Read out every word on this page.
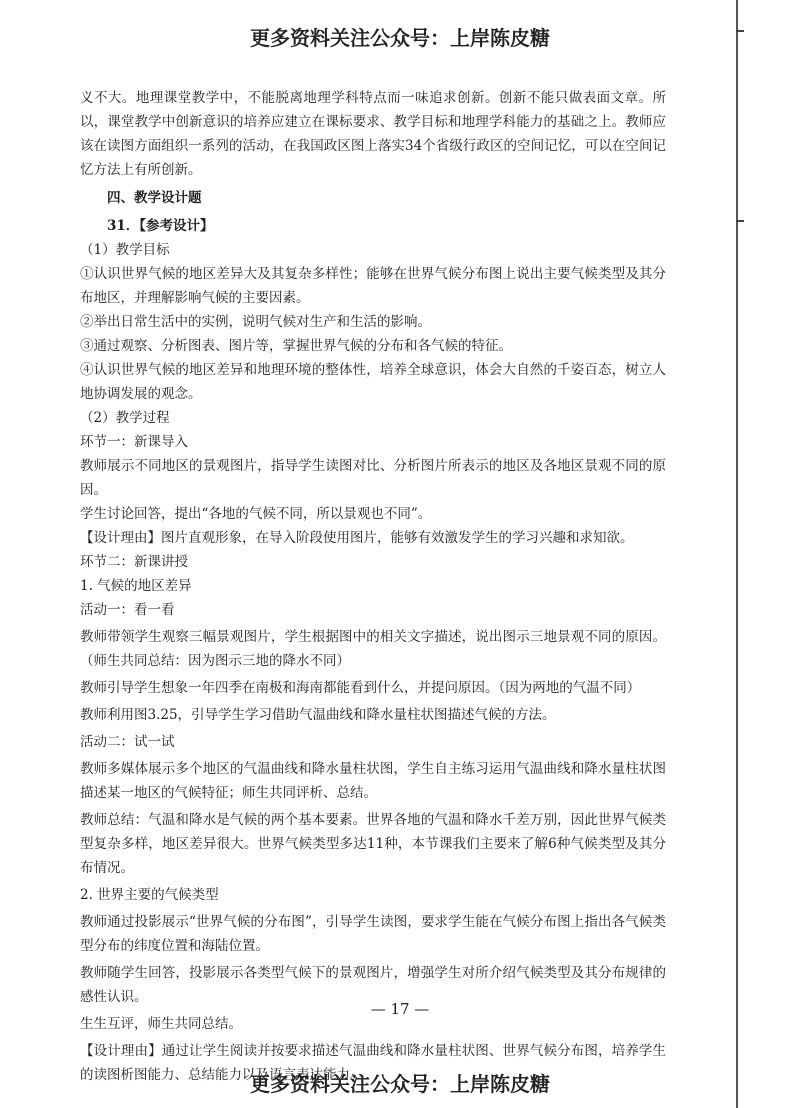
更多资料关注公众号：上岸陈皮糖

义不大。地理课堂教学中，不能脱离地理学科特点而一味追求创新。创新不能只做表面文章。所以，课堂教学中创新意识的培养应建立在课标要求、教学目标和地理学科能力的基础之上。教师应该在读图方面组织一系列的活动，在我国政区图上落实34个省级行政区的空间记忆，可以在空间记忆方法上有所创新。

四、教学设计题

31．【参考设计】

（1）教学目标

①认识世界气候的地区差异大及其复杂多样性；能够在世界气候分布图上说出主要气候类型及其分布地区，并理解影响气候的主要因素。

②举出日常生活中的实例，说明气候对生产和生活的影响。

③通过观察、分析图表、图片等，掌握世界气候的分布和各气候的特征。

④认识世界气候的地区差异和地理环境的整体性，培养全球意识，体会大自然的千姿百态，树立人地协调发展的观念。

（2）教学过程

环节一：新课导入

教师展示不同地区的景观图片，指导学生读图对比、分析图片所表示的地区及各地区景观不同的原因。

学生讨论回答，提出“各地的气候不同，所以景观也不同”。

【设计理由】图片直观形象，在导入阶段使用图片，能够有效激发学生的学习兴趣和求知欲。

环节二：新课讲授

1. 气候的地区差异

活动一：看一看

教师带领学生观察三幅景观图片，学生根据图中的相关文字描述，说出图示三地景观不同的原因。（师生共同总结：因为图示三地的降水不同）

教师引导学生想象一年四季在南极和海南都能看到什么，并提问原因。（因为两地的气温不同）

教师利用图3.25，引导学生学习借助气温曲线和降水量柱状图描述气候的方法。

活动二：试一试

教师多媒体展示多个地区的气温曲线和降水量柱状图，学生自主练习运用气温曲线和降水量柱状图描述某一地区的气候特征；师生共同评析、总结。

教师总结：气温和降水是气候的两个基本要素。世界各地的气温和降水千差万别，因此世界气候类型复杂多样，地区差异很大。世界气候类型多达11种，本节课我们主要来了解6种气候类型及其分布情况。

2. 世界主要的气候类型

教师通过投影展示“世界气候的分布图”，引导学生读图，要求学生能在气候分布图上指出各气候类型分布的纬度位置和海陆位置。

教师随学生回答，投影展示各类型气候下的景观图片，增强学生对所介绍气候类型及其分布规律的感性认识。

生生互评，师生共同总结。

【设计理由】通过让学生阅读并按要求描述气温曲线和降水量柱状图、世界气候分布图，培养学生的读图析图能力、总结能力以及语言表达能力。

— 17 —
更多资料关注公众号：上岸陈皮糖
